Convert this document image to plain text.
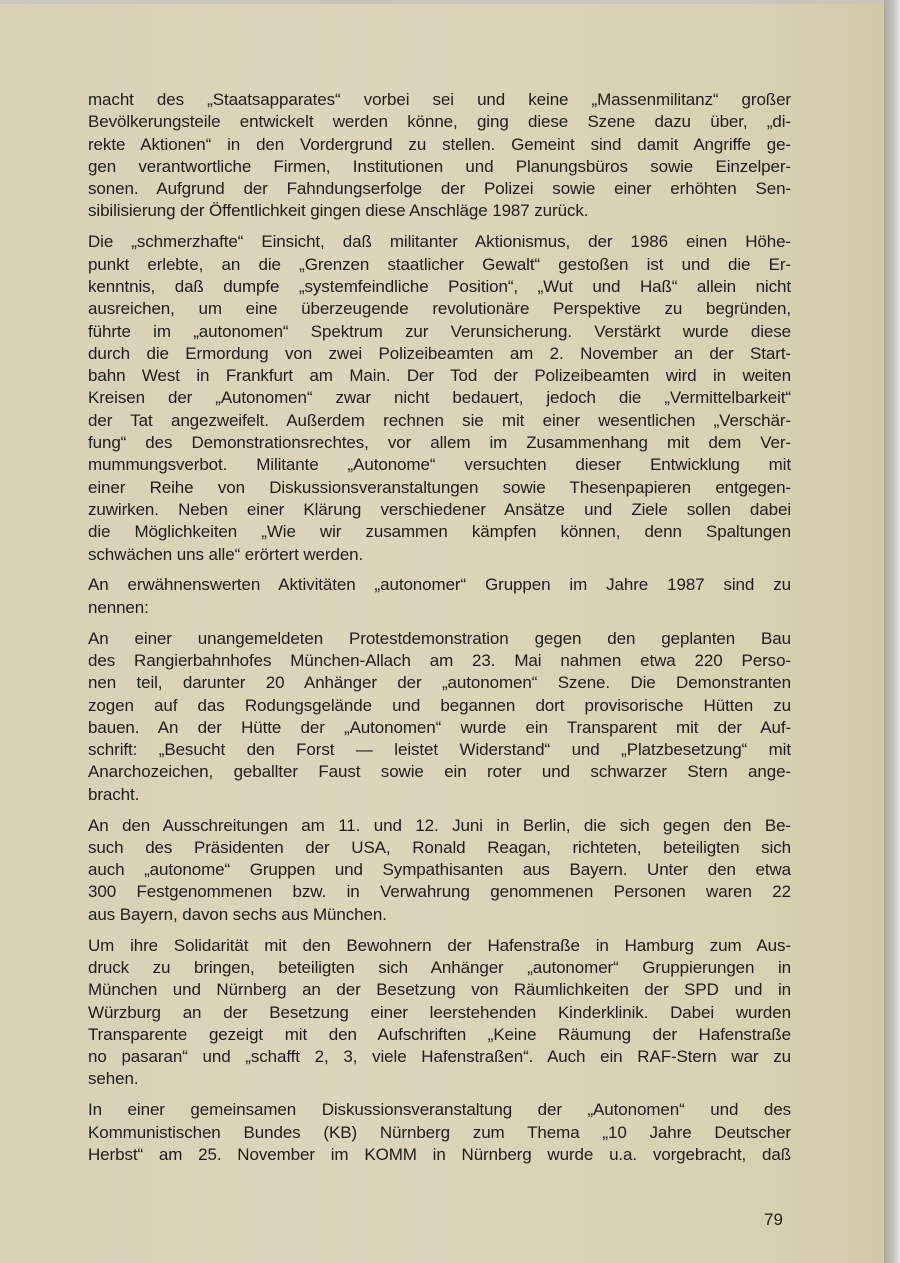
macht des „Staatsapparates“ vorbei sei und keine „Massenmilitanz“ großer
Bevölkerungsteile entwickelt werden könne, ging diese Szene dazu über, „di-
rekte Aktionen“ in den Vordergrund zu stellen. Gemeint sind damit Angriffe ge-
gen verantwortliche Firmen, Institutionen und Planungsbüros sowie Einzelper-
sonen. Aufgrund der Fahndungserfolge der Polizei sowie einer erhöhten Sen-
sibilisierung der Öffentlichkeit gingen diese Anschläge 1987 zurück.
Die „schmerzhafte“ Einsicht, daß militanter Aktionismus, der 1986 einen Höhe-
punkt erlebte, an die „Grenzen staatlicher Gewalt“ gestoßen ist und die Er-
kenntnis, daß dumpfe „systemfeindliche Position“, „Wut und Haß“ allein nicht
ausreichen, um eine überzeugende revolutionäre Perspektive zu begründen,
führte im „autonomen“ Spektrum zur Verunsicherung. Verstärkt wurde diese
durch die Ermordung von zwei Polizeibeamten am 2. November an der Start-
bahn West in Frankfurt am Main. Der Tod der Polizeibeamten wird in weiten
Kreisen der „Autonomen“ zwar nicht bedauert, jedoch die „Vermittelbarkeit“
der Tat angezweifelt. Außerdem rechnen sie mit einer wesentlichen „Verschär-
fung“ des Demonstrationsrechtes, vor allem im Zusammenhang mit dem Ver-
mummungsverbot. Militante „Autonome“ versuchten dieser Entwicklung mit
einer Reihe von Diskussionsveranstaltungen sowie Thesenpapieren entgegen-
zuwirken. Neben einer Klärung verschiedener Ansätze und Ziele sollen dabei
die Möglichkeiten „Wie wir zusammen kämpfen können, denn Spaltungen
schwächen uns alle“ erörtert werden.
An erwähnenswerten Aktivitäten „autonomer“ Gruppen im Jahre 1987 sind zu
nennen:
An einer unangemeldeten Protestdemonstration gegen den geplanten Bau
des Rangierbahnhofes München-Allach am 23. Mai nahmen etwa 220 Perso-
nen teil, darunter 20 Anhänger der „autonomen“ Szene. Die Demonstranten
zogen auf das Rodungsgelände und begannen dort provisorische Hütten zu
bauen. An der Hütte der „Autonomen“ wurde ein Transparent mit der Auf-
schrift: „Besucht den Forst — leistet Widerstand“ und „Platzbesetzung“ mit
Anarchozeichen, geballter Faust sowie ein roter und schwarzer Stern ange-
bracht.
An den Ausschreitungen am 11. und 12. Juni in Berlin, die sich gegen den Be-
such des Präsidenten der USA, Ronald Reagan, richteten, beteiligten sich
auch „autonome“ Gruppen und Sympathisanten aus Bayern. Unter den etwa
300 Festgenommenen bzw. in Verwahrung genommenen Personen waren 22
aus Bayern, davon sechs aus München.
Um ihre Solidarität mit den Bewohnern der Hafenstraße in Hamburg zum Aus-
druck zu bringen, beteiligten sich Anhänger „autonomer“ Gruppierungen in
München und Nürnberg an der Besetzung von Räumlichkeiten der SPD und in
Würzburg an der Besetzung einer leerstehenden Kinderklinik. Dabei wurden
Transparente gezeigt mit den Aufschriften „Keine Räumung der Hafenstraße
no pasaran“ und „schafft 2, 3, viele Hafenstraßen“. Auch ein RAF-Stern war zu
sehen.
In einer gemeinsamen Diskussionsveranstaltung der „Autonomen“ und des
Kommunistischen Bundes (KB) Nürnberg zum Thema „10 Jahre Deutscher
Herbst“ am 25. November im KOMM in Nürnberg wurde u.a. vorgebracht, daß
79
